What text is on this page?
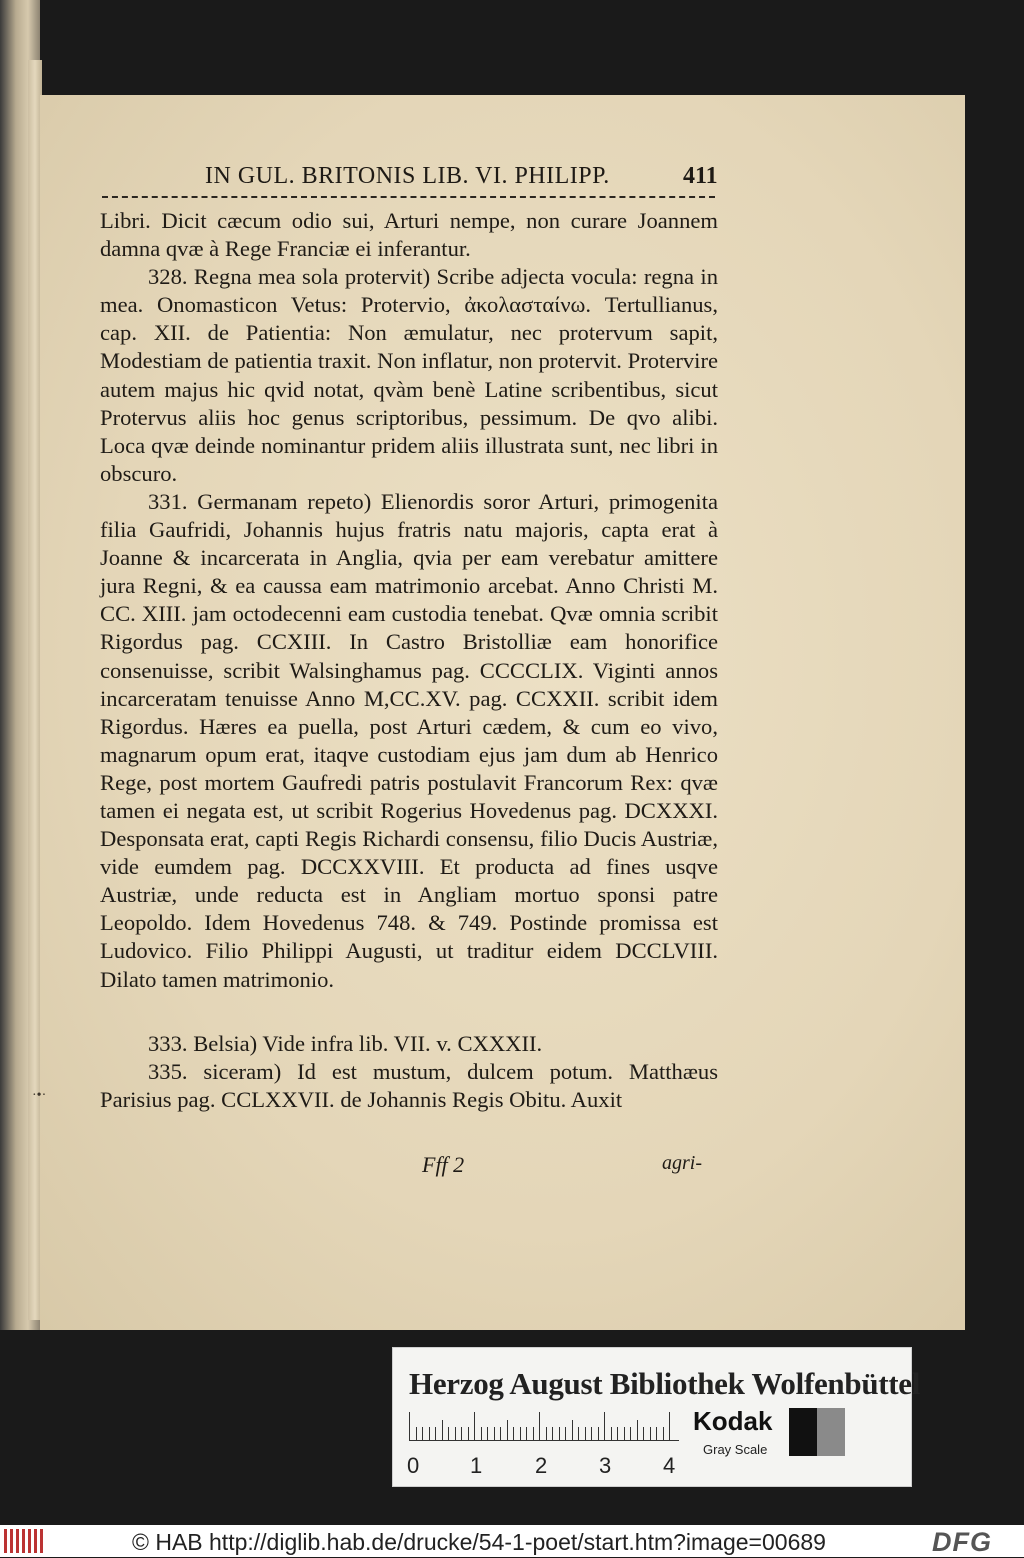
IN GUL. BRITONIS LIB. VI. PHILIPP.	411

Libri. Dicit cæcum odio sui, Arturi nempe, non curare Joannem damna qvæ à Rege Franciæ ei inferantur.

328. Regna mea sola protervit) Scribe adjecta vocula: regna in mea. Onomasticon Vetus: Protervio, ἀκολασταίνω. Tertullianus, cap. XII. de Patientia: Non æmulatur, nec protervum sapit, Modestiam de patientia traxit. Non inflatur, non protervit. Protervire autem majus hic qvid notat, qvàm benè Latine scribentibus, sicut Protervus aliis hoc genus scriptoribus, pessimum. De qvo alibi. Loca qvæ deinde nominantur pridem aliis illustrata sunt, nec libri in obscuro.

331. Germanam repeto) Elienordis soror Arturi, primogenita filia Gaufridi, Johannis hujus fratris natu majoris, capta erat à Joanne & incarcerata in Anglia, qvia per eam verebatur amittere jura Regni, & ea caussa eam matrimonio arcebat. Anno Christi M. CC. XIII. jam octodecenni eam custodia tenebat. Qvæ omnia scribit Rigordus pag. CCXIII. In Castro Bristolliæ eam honorifice consenuisse, scribit Walsinghamus pag. CCCCLIX. Viginti annos incarceratam tenuisse Anno M,CC.XV. pag. CCXXII. scribit idem Rigordus. Hæres ea puella, post Arturi cædem, & cum eo vivo, magnarum opum erat, itaqve custodiam ejus jam dum ab Henrico Rege, post mortem Gaufredi patris postulavit Francorum Rex: qvæ tamen ei negata est, ut scribit Rogerius Hovedenus pag. DCXXXI. Desponsata erat, capti Regis Richardi consensu, filio Ducis Austriæ, vide eumdem pag. DCCXXVIII. Et producta ad fines usqve Austriæ, unde reducta est in Angliam mortuo sponsi patre Leopoldo. Idem Hovedenus 748. & 749. Postinde promissa est Ludovico. Filio Philippi Augusti, ut traditur eidem DCCLVIII. Dilato tamen matrimonio.

333. Belsia) Vide infra lib. VII. v. CXXXII.

335. siceram) Id est mustum, dulcem potum. Matthæus Parisius pag. CCLXXVII. de Johannis Regis Obitu. Auxit

·•·
Fff 2	agri-
Herzog August Bibliothek Wolfenbüttel
0 1 2 3 4
Kodak
Gray Scale
© HAB http://diglib.hab.de/drucke/54-1-poet/start.htm?image=00689	DFG
